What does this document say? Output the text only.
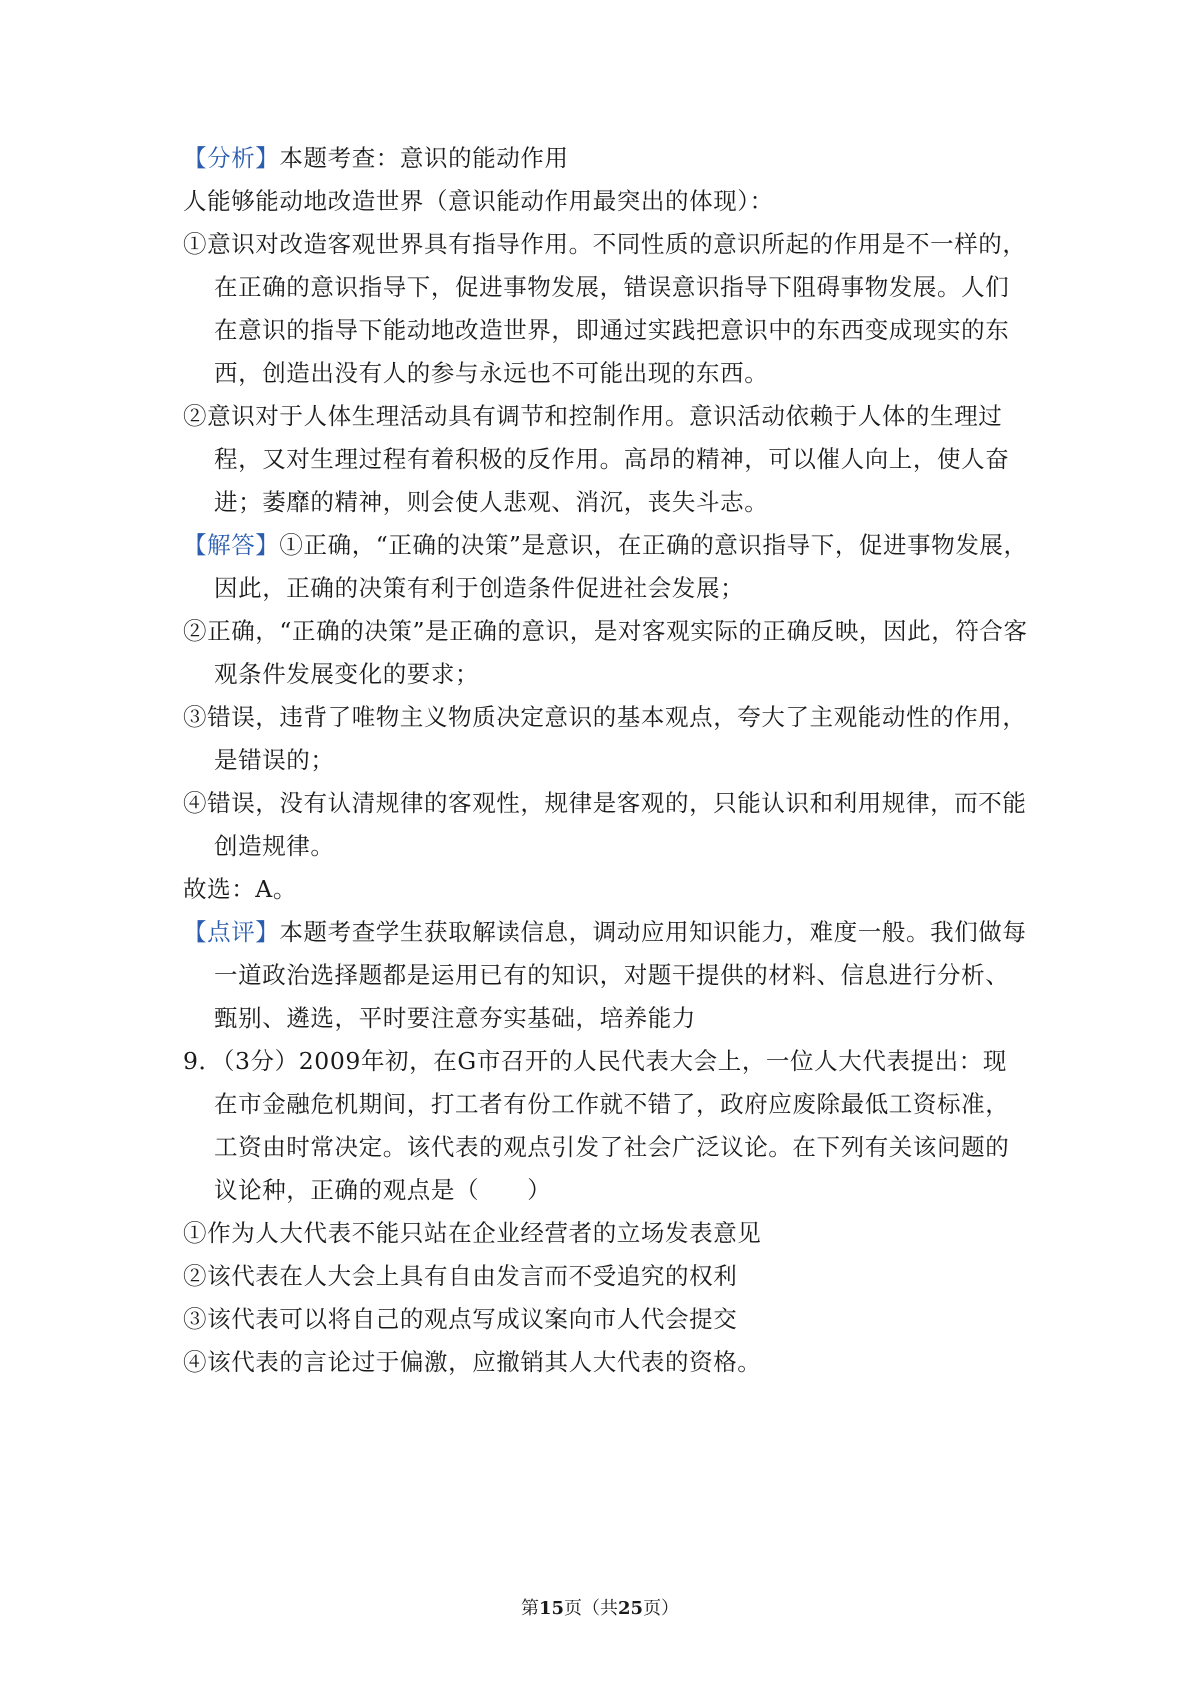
【分析】本题考查：意识的能动作用
人能够能动地改造世界（意识能动作用最突出的体现）：
①意识对改造客观世界具有指导作用。不同性质的意识所起的作用是不一样的，
在正确的意识指导下，促进事物发展，错误意识指导下阻碍事物发展。人们
在意识的指导下能动地改造世界，即通过实践把意识中的东西变成现实的东
西，创造出没有人的参与永远也不可能出现的东西。
②意识对于人体生理活动具有调节和控制作用。意识活动依赖于人体的生理过
程，又对生理过程有着积极的反作用。高昂的精神，可以催人向上，使人奋
进；萎靡的精神，则会使人悲观、消沉，丧失斗志。
【解答】①正确，“正确的决策”是意识，在正确的意识指导下，促进事物发展，
因此，正确的决策有利于创造条件促进社会发展；
②正确，“正确的决策”是正确的意识，是对客观实际的正确反映，因此，符合客
观条件发展变化的要求；
③错误，违背了唯物主义物质决定意识的基本观点，夸大了主观能动性的作用，
是错误的；
④错误，没有认清规律的客观性，规律是客观的，只能认识和利用规律，而不能
创造规律。
故选：A。
【点评】本题考查学生获取解读信息，调动应用知识能力，难度一般。我们做每
一道政治选择题都是运用已有的知识，对题干提供的材料、信息进行分析、
甄别、遴选，平时要注意夯实基础，培养能力
9．（3分）2009年初，在G市召开的人民代表大会上，一位人大代表提出：现
在市金融危机期间，打工者有份工作就不错了，政府应废除最低工资标准，
工资由时常决定。该代表的观点引发了社会广泛议论。在下列有关该问题的
议论种，正确的观点是（　　）
①作为人大代表不能只站在企业经营者的立场发表意见
②该代表在人大会上具有自由发言而不受追究的权利
③该代表可以将自己的观点写成议案向市人代会提交
④该代表的言论过于偏激，应撤销其人大代表的资格。
第15页（共25页）
